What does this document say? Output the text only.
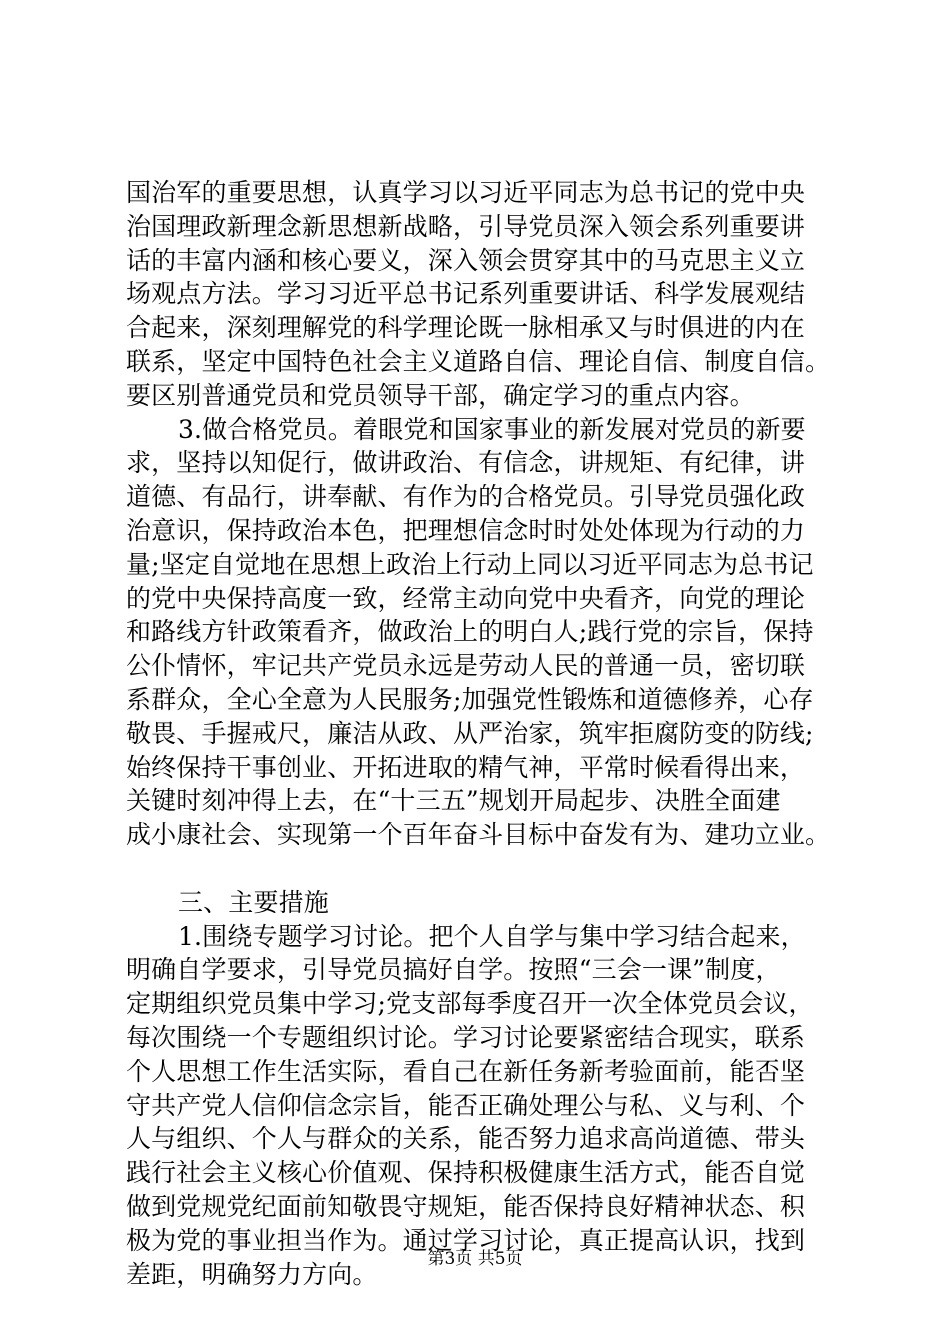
国治军的重要思想，认真学习以习近平同志为总书记的党中央
治国理政新理念新思想新战略，引导党员深入领会系列重要讲
话的丰富内涵和核心要义，深入领会贯穿其中的马克思主义立
场观点方法。学习习近平总书记系列重要讲话、科学发展观结
合起来，深刻理解党的科学理论既一脉相承又与时俱进的内在
联系，坚定中国特色社会主义道路自信、理论自信、制度自信。
要区别普通党员和党员领导干部，确定学习的重点内容。
3.做合格党员。着眼党和国家事业的新发展对党员的新要
求，坚持以知促行，做讲政治、有信念，讲规矩、有纪律，讲
道德、有品行，讲奉献、有作为的合格党员。引导党员强化政
治意识，保持政治本色，把理想信念时时处处体现为行动的力
量;坚定自觉地在思想上政治上行动上同以习近平同志为总书记
的党中央保持高度一致，经常主动向党中央看齐，向党的理论
和路线方针政策看齐，做政治上的明白人;践行党的宗旨，保持
公仆情怀，牢记共产党员永远是劳动人民的普通一员，密切联
系群众，全心全意为人民服务;加强党性锻炼和道德修养，心存
敬畏、手握戒尺，廉洁从政、从严治家，筑牢拒腐防变的防线;
始终保持干事创业、开拓进取的精气神，平常时候看得出来，
关键时刻冲得上去，在“十三五”规划开局起步、决胜全面建
成小康社会、实现第一个百年奋斗目标中奋发有为、建功立业。
三、主要措施
1.围绕专题学习讨论。把个人自学与集中学习结合起来，
明确自学要求，引导党员搞好自学。按照“三会一课”制度，
定期组织党员集中学习;党支部每季度召开一次全体党员会议，
每次围绕一个专题组织讨论。学习讨论要紧密结合现实，联系
个人思想工作生活实际，看自己在新任务新考验面前，能否坚
守共产党人信仰信念宗旨，能否正确处理公与私、义与利、个
人与组织、个人与群众的关系，能否努力追求高尚道德、带头
践行社会主义核心价值观、保持积极健康生活方式，能否自觉
做到党规党纪面前知敬畏守规矩，能否保持良好精神状态、积
极为党的事业担当作为。通过学习讨论，真正提高认识，找到
差距，明确努力方向。
第3页 共5页
